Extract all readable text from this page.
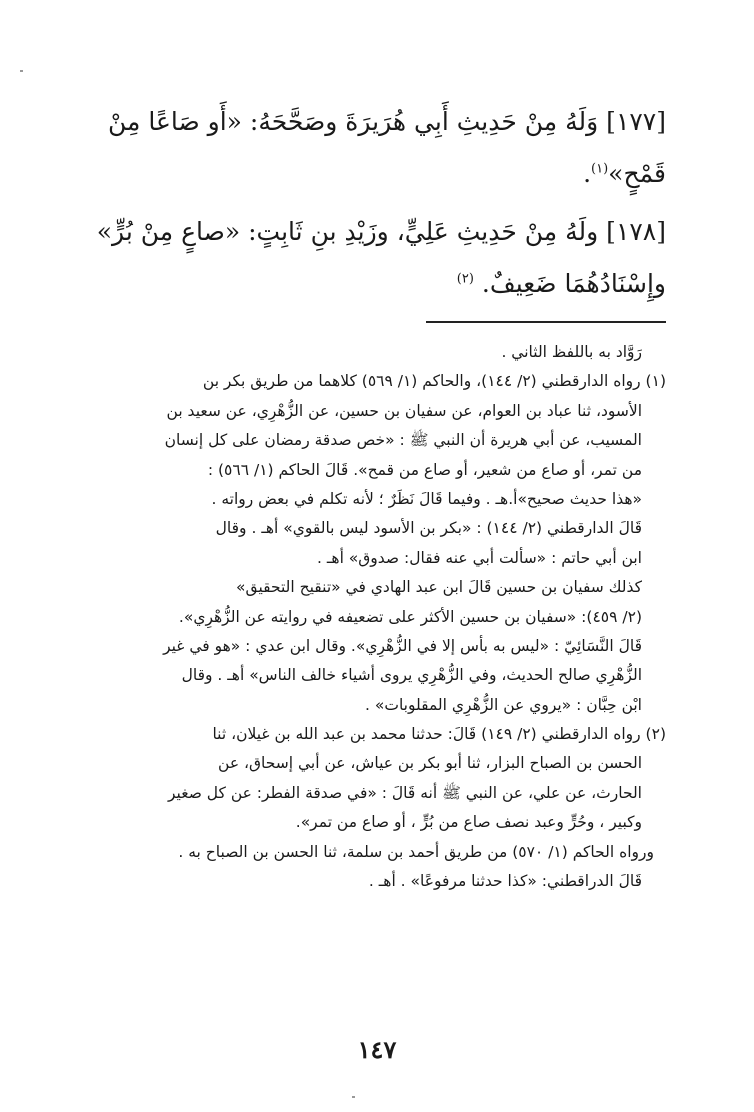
[١٧٧] وَلَهُ مِنْ حَدِيثِ أَبِي هُرَيرَةَ وصَحَّحَهُ: «أَو صَاعًا مِنْ
قَمْحٍ»$^{(١)}$.
[١٧٨] ولَهُ مِنْ حَدِيثِ عَلِيٍّ، وزَيْدِ بنِ ثَابِتٍ: «صاعٍ مِنْ بُرٍّ»
وإِسْنَادُهُمَا ضَعِيفٌ. $^{(٢)}$
رَوَّاد به باللفظ الثاني .
(١) رواه الدارقطني (٢/ ١٤٤)، والحاكم (١/ ٥٦٩) كلاهما من طريق بكر بن
الأسود، ثنا عباد بن العوام، عن سفيان بن حسين، عن الزُّهْرِي، عن سعيد بن
المسيب، عن أبي هريرة أن النبي ﷺ : «خص صدقة رمضان على كل إنسان
من تمر، أو صاع من شعير، أو صاع من قمح». قَالَ الحاكم (١/ ٥٦٦) :
«هذا حديث صحيح»أ.هـ . وفيما قَالَ نَظَرٌ ؛ لأنه تكلم في بعض رواته .
قَالَ الدارقطني (٢/ ١٤٤) : «بكر بن الأسود ليس بالقوي» أهـ . وقال
ابن أبي حاتم : «سألت أبي عنه فقال: صدوق» أهـ .
كذلك سفيان بن حسين قَالَ ابن عبد الهادي في «تنقيح التحقيق»
(٢/ ٤٥٩): «سفيان بن حسين الأكثر على تضعيفه في روايته عن الزُّهْرِي».
قَالَ النَّسَائِيّ : «ليس به بأس إلا في الزُّهْرِي». وقال ابن عدي : «هو في غير
الزُّهْرِي صالح الحديث، وفي الزُّهْرِي يروى أشياء خالف الناس» أهـ . وقال
ابْن حِبَّان : «يروي عن الزُّهْرِي المقلوبات» .
(٢) رواه الدارقطني (٢/ ١٤٩) قَالَ: حدثنا محمد بن عبد الله بن غيلان، ثنا
الحسن بن الصباح البزار، ثنا أبو بكر بن عياش، عن أبي إسحاق، عن
الحارث، عن علي، عن النبي ﷺ أنه قَالَ : «في صدقة الفطر: عن كل صغير
وكبير ، وحُرٍّ وعبد نصف صاع من بُرٍّ ، أو صاع من تمر».
ورواه الحاكم (١/ ٥٧٠) من طريق أحمد بن سلمة، ثنا الحسن بن الصباح به .
قَالَ الدراقطني: «كذا حدثنا مرفوعًا» . أهـ .
١٤٧
